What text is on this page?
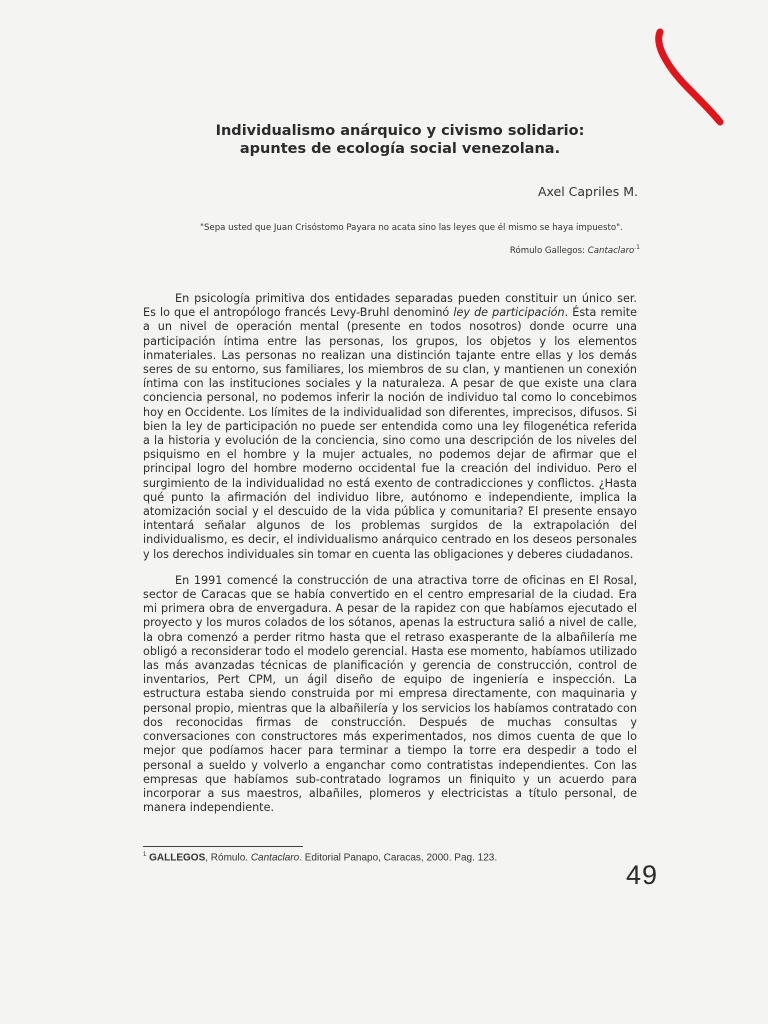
Individualismo anárquico y civismo solidario:
apuntes de ecología social venezolana.
Axel Capriles M.
"Sepa usted que Juan Crisóstomo Payara no acata sino las leyes que él mismo se haya impuesto".
Rómulo Gallegos: Cantaclaro$^{.1}$

En psicología primitiva dos entidades separadas pueden constituir un único ser. Es lo que el antropólogo francés Levy-Bruhl denominó ley de participación. Ésta remite a un nivel de operación mental (presente en todos nosotros) donde ocurre una participación íntima entre las personas, los grupos, los objetos y los elementos inmateriales. Las personas no realizan una distinción tajante entre ellas y los demás seres de su entorno, sus familiares, los miembros de su clan, y mantienen un conexión íntima con las instituciones sociales y la naturaleza. A pesar de que existe una clara conciencia personal, no podemos inferir la noción de individuo tal como lo concebimos hoy en Occidente. Los límites de la individualidad son diferentes, imprecisos, difusos. Si bien la ley de participación no puede ser entendida como una ley filogenética referida a la historia y evolución de la conciencia, sino como una descripción de los niveles del psiquismo en el hombre y la mujer actuales, no podemos dejar de afirmar que el principal logro del hombre moderno occidental fue la creación del individuo. Pero el surgimiento de la individualidad no está exento de contradicciones y conflictos. ¿Hasta qué punto la afirmación del individuo libre, autónomo e independiente, implica la atomización social y el descuido de la vida pública y comunitaria? El presente ensayo intentará señalar algunos de los problemas surgidos de la extrapolación del individualismo, es decir, el individualismo anárquico centrado en los deseos personales y los derechos individuales sin tomar en cuenta las obligaciones y deberes ciudadanos.

En 1991 comencé la construcción de una atractiva torre de oficinas en El Rosal, sector de Caracas que se había convertido en el centro empresarial de la ciudad. Era mi primera obra de envergadura. A pesar de la rapidez con que habíamos ejecutado el proyecto y los muros colados de los sótanos, apenas la estructura salió a nivel de calle, la obra comenzó a perder ritmo hasta que el retraso exasperante de la albañilería me obligó a reconsiderar todo el modelo gerencial. Hasta ese momento, habíamos utilizado las más avanzadas técnicas de planificación y gerencia de construcción, control de inventarios, Pert CPM, un ágil diseño de equipo de ingeniería e inspección. La estructura estaba siendo construida por mi empresa directamente, con maquinaria y personal propio, mientras que la albañilería y los servicios los habíamos contratado con dos reconocidas firmas de construcción. Después de muchas consultas y conversaciones con constructores más experimentados, nos dimos cuenta de que lo mejor que podíamos hacer para terminar a tiempo la torre era despedir a todo el personal a sueldo y volverlo a enganchar como contratistas independientes. Con las empresas que habíamos sub-contratado logramos un finiquito y un acuerdo para incorporar a sus maestros, albañiles, plomeros y electricistas a título personal, de manera independiente.

$^1$ GALLEGOS, Rómulo. Cantaclaro. Editorial Panapo, Caracas, 2000. Pag. 123.
49
